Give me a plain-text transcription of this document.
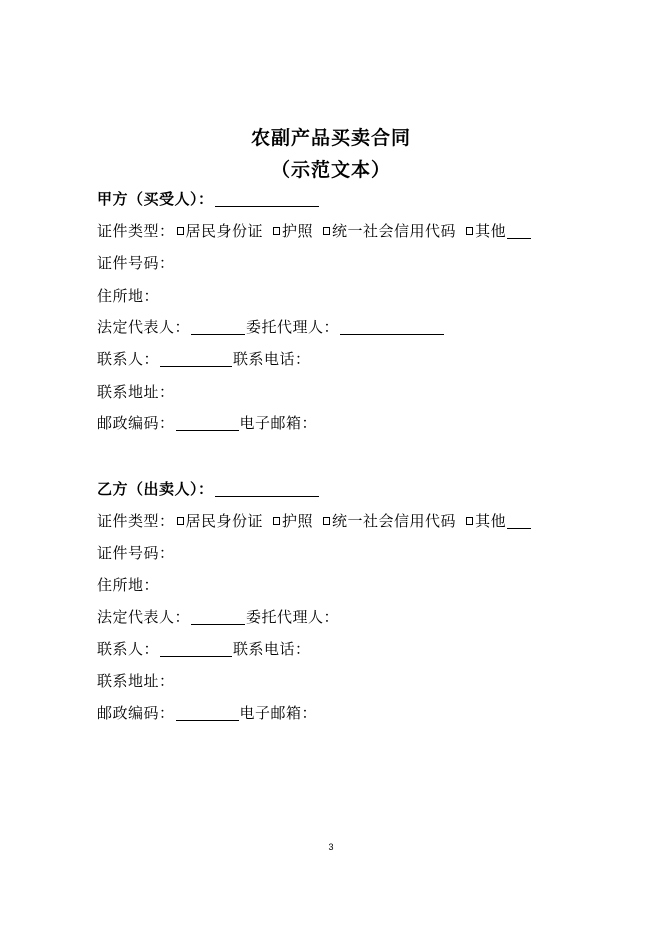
农副产品买卖合同
（示范文本）
甲方（买受人）：
证件类型： 居民身份证 护照 统一社会信用代码 其他
证件号码：
住所地：
法定代表人：	委托代理人：
联系人：	联系电话：
联系地址：
邮政编码：	电子邮箱：
乙方（出卖人）：
证件类型： 居民身份证 护照 统一社会信用代码 其他
证件号码：
住所地：
法定代表人：	委托代理人：
联系人：	联系电话：
联系地址：
邮政编码：	电子邮箱：
3
